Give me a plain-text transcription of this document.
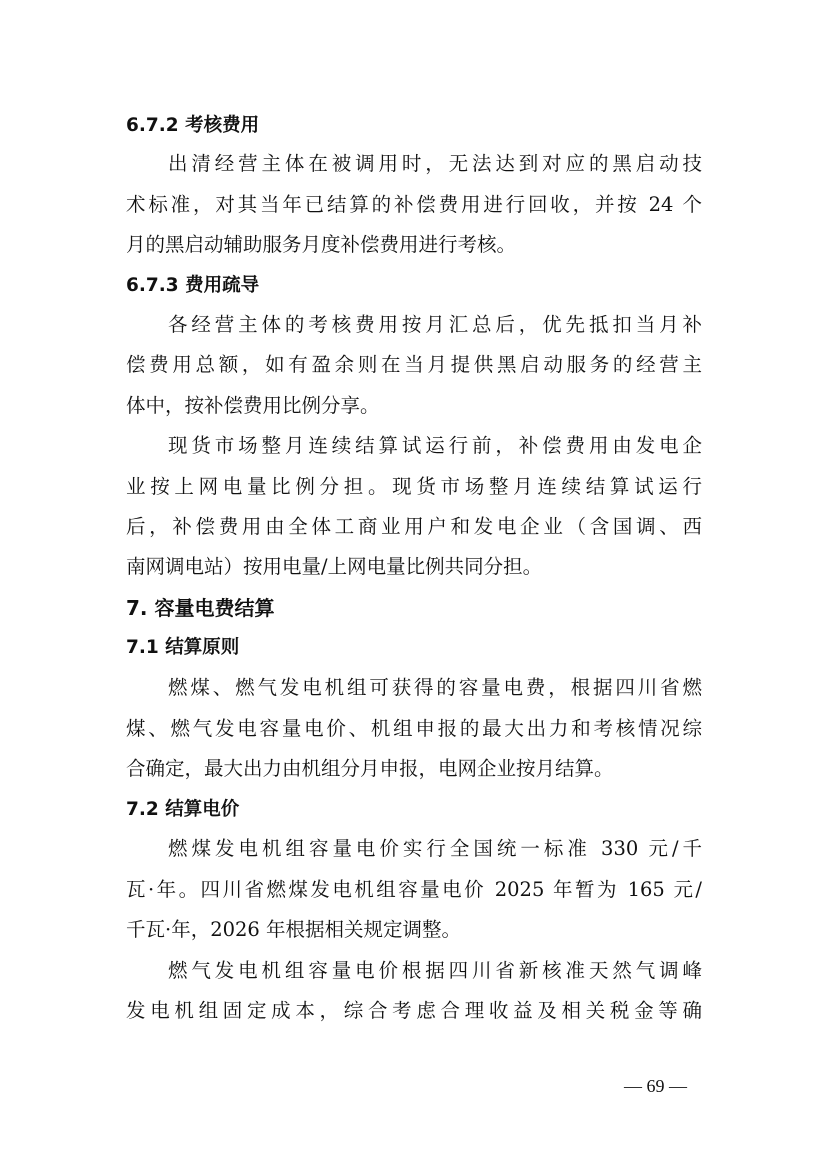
6.7.2 考核费用
出清经营主体在被调用时，无法达到对应的黑启动技
术标准，对其当年已结算的补偿费用进行回收，并按 24 个
月的黑启动辅助服务月度补偿费用进行考核。
6.7.3 费用疏导
各经营主体的考核费用按月汇总后，优先抵扣当月补
偿费用总额，如有盈余则在当月提供黑启动服务的经营主
体中，按补偿费用比例分享。
现货市场整月连续结算试运行前，补偿费用由发电企
业按上网电量比例分担。现货市场整月连续结算试运行
后，补偿费用由全体工商业用户和发电企业（含国调、西
南网调电站）按用电量/上网电量比例共同分担。
7. 容量电费结算
7.1 结算原则
燃煤、燃气发电机组可获得的容量电费，根据四川省燃
煤、燃气发电容量电价、机组申报的最大出力和考核情况综
合确定，最大出力由机组分月申报，电网企业按月结算。
7.2 结算电价
燃煤发电机组容量电价实行全国统一标准 330 元/千
瓦·年。四川省燃煤发电机组容量电价 2025 年暂为 165 元/
千瓦·年，2026 年根据相关规定调整。
燃气发电机组容量电价根据四川省新核准天然气调峰
发电机组固定成本，综合考虑合理收益及相关税金等确
— 69 —
